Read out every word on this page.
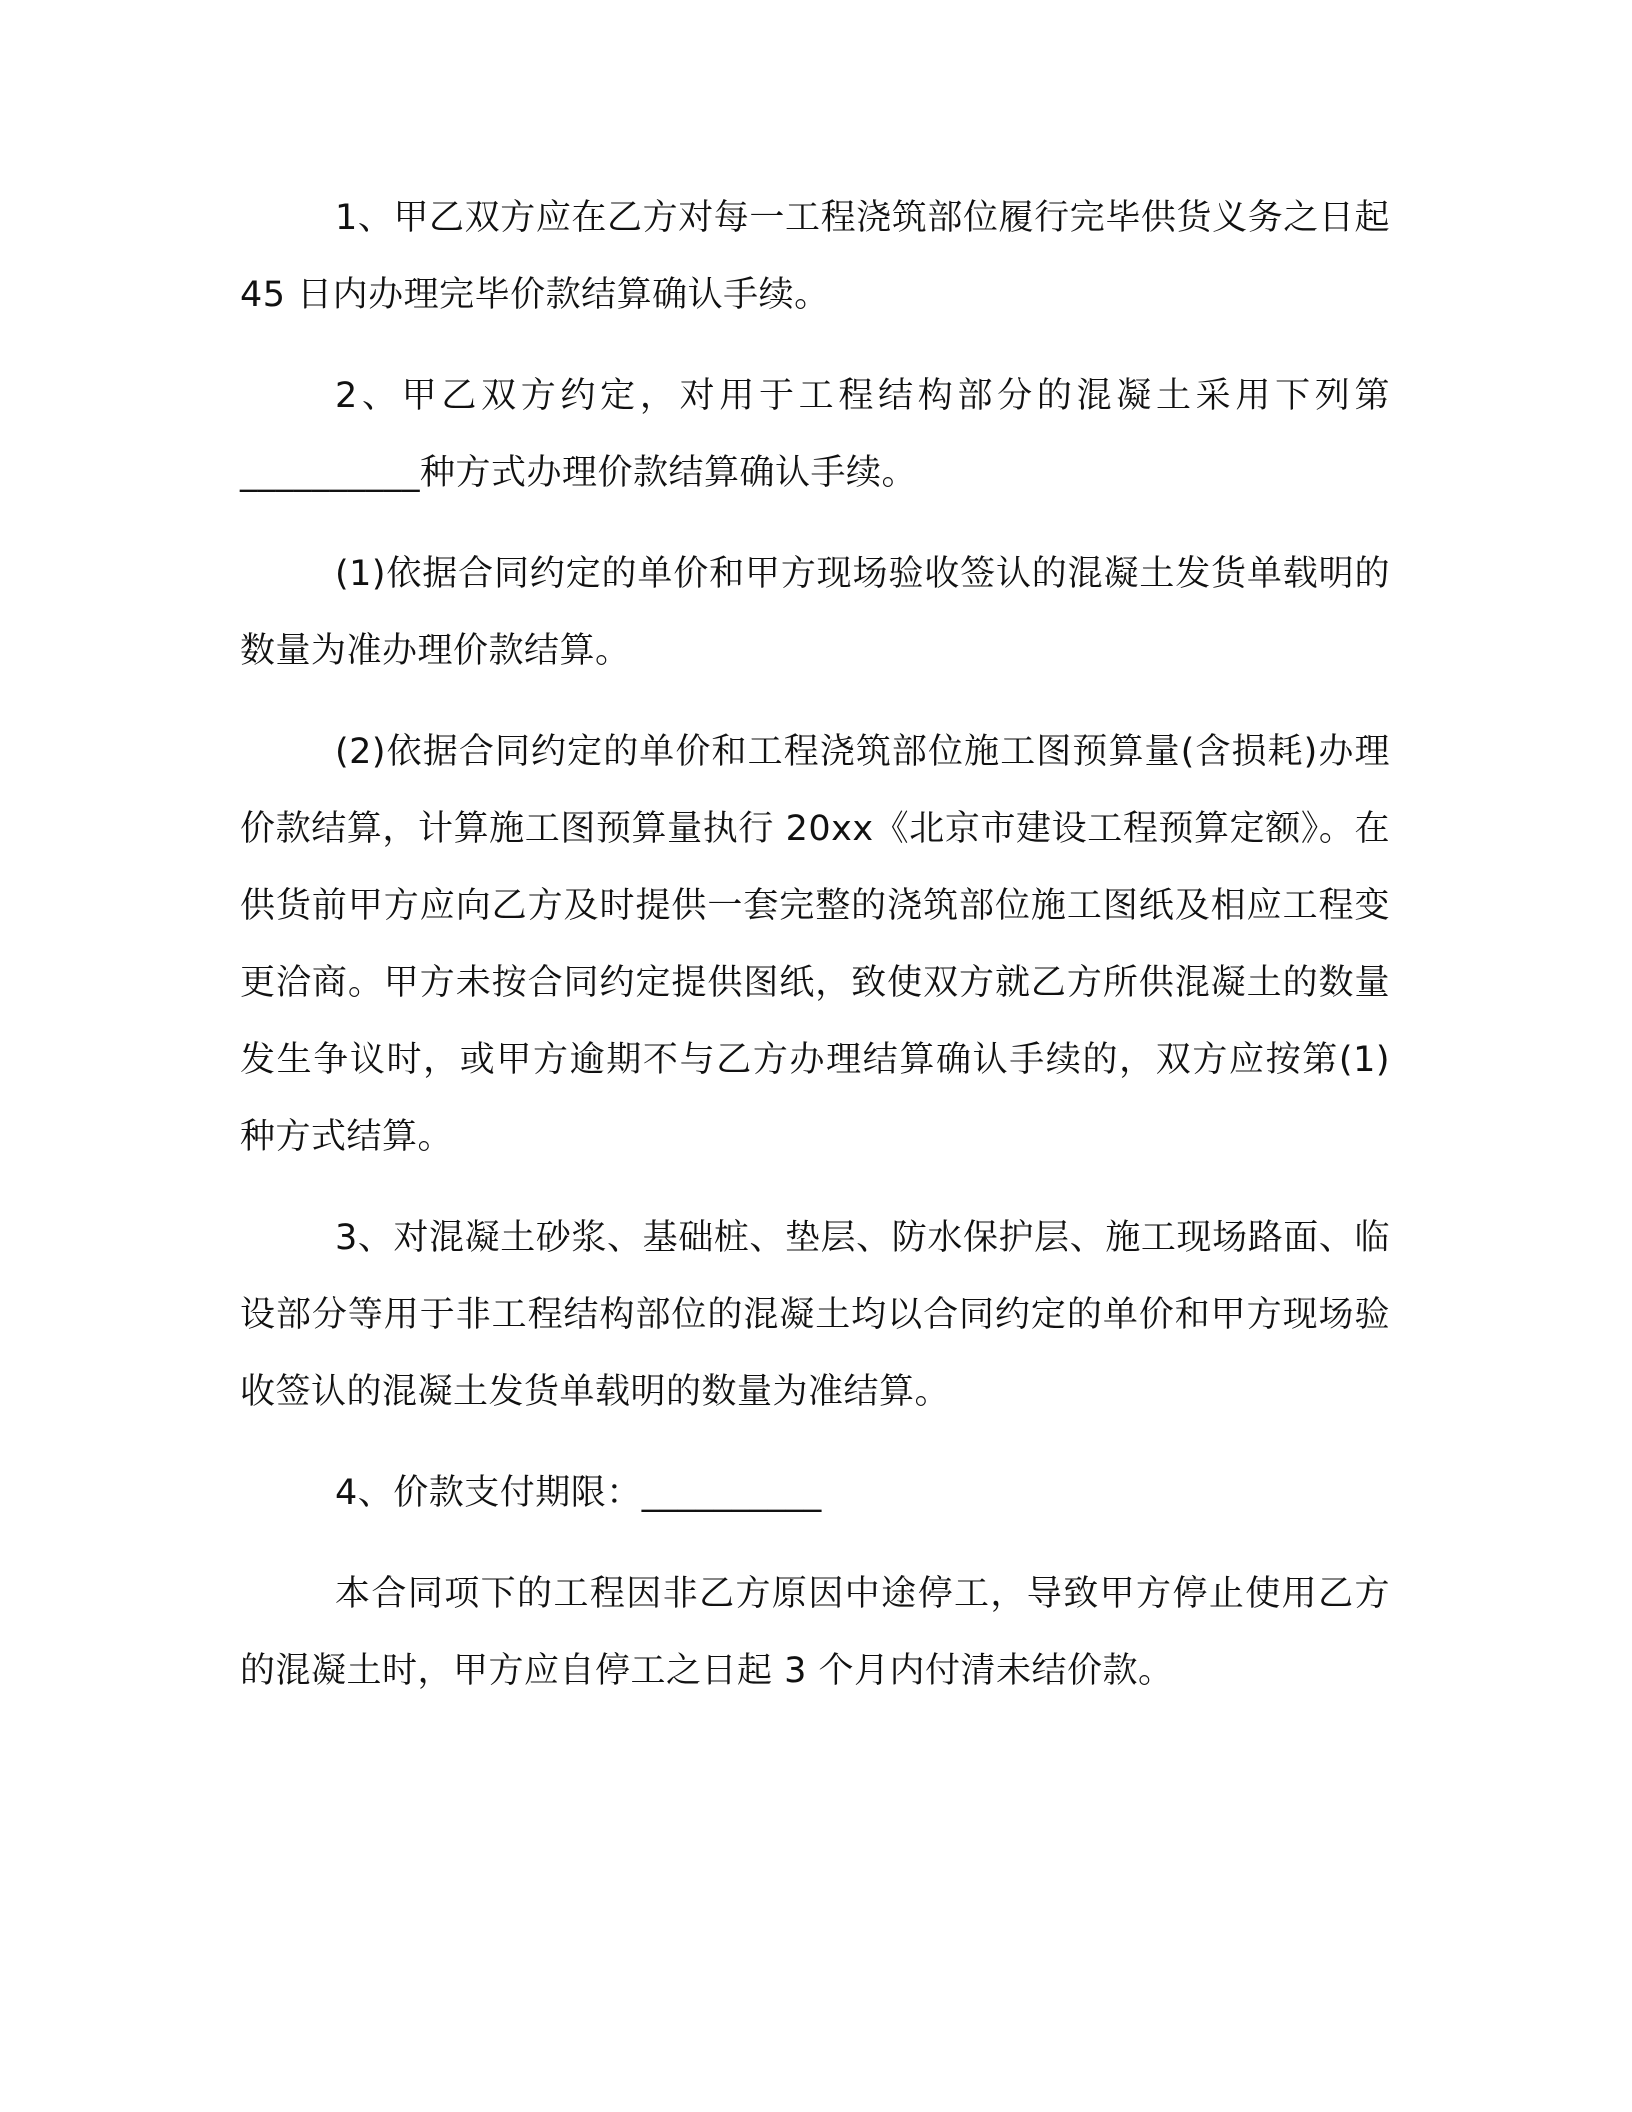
1、甲乙双方应在乙方对每一工程浇筑部位履行完毕供货义务之日起 45 日内办理完毕价款结算确认手续。

2、甲乙双方约定，对用于工程结构部分的混凝土采用下列第__________种方式办理价款结算确认手续。

(1)依据合同约定的单价和甲方现场验收签认的混凝土发货单载明的数量为准办理价款结算。

(2)依据合同约定的单价和工程浇筑部位施工图预算量(含损耗)办理价款结算，计算施工图预算量执行 20xx《北京市建设工程预算定额》。在供货前甲方应向乙方及时提供一套完整的浇筑部位施工图纸及相应工程变更洽商。甲方未按合同约定提供图纸，致使双方就乙方所供混凝土的数量发生争议时，或甲方逾期不与乙方办理结算确认手续的，双方应按第(1)种方式结算。

3、对混凝土砂浆、基础桩、垫层、防水保护层、施工现场路面、临设部分等用于非工程结构部位的混凝土均以合同约定的单价和甲方现场验收签认的混凝土发货单载明的数量为准结算。

4、价款支付期限：__________

本合同项下的工程因非乙方原因中途停工，导致甲方停止使用乙方的混凝土时，甲方应自停工之日起 3 个月内付清未结价款。
